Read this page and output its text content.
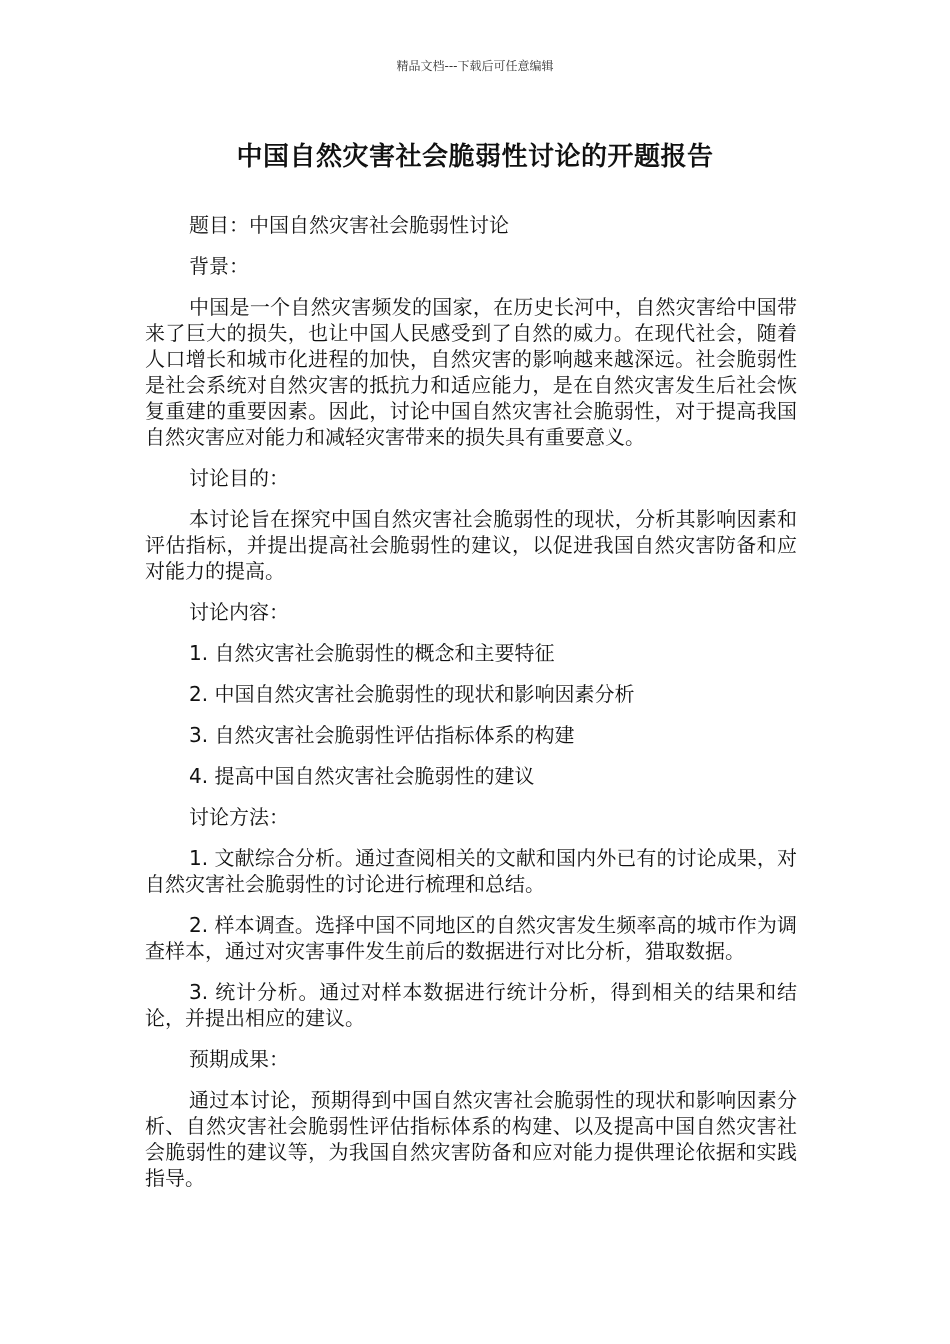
精品文档---下载后可任意编辑
中国自然灾害社会脆弱性讨论的开题报告

题目：中国自然灾害社会脆弱性讨论

背景：

中国是一个自然灾害频发的国家，在历史长河中，自然灾害给中国带来了巨大的损失，也让中国人民感受到了自然的威力。在现代社会，随着人口增长和城市化进程的加快，自然灾害的影响越来越深远。社会脆弱性是社会系统对自然灾害的抵抗力和适应能力，是在自然灾害发生后社会恢复重建的重要因素。因此，讨论中国自然灾害社会脆弱性，对于提高我国自然灾害应对能力和减轻灾害带来的损失具有重要意义。

讨论目的：

本讨论旨在探究中国自然灾害社会脆弱性的现状，分析其影响因素和评估指标，并提出提高社会脆弱性的建议，以促进我国自然灾害防备和应对能力的提高。

讨论内容：

1. 自然灾害社会脆弱性的概念和主要特征

2. 中国自然灾害社会脆弱性的现状和影响因素分析

3. 自然灾害社会脆弱性评估指标体系的构建

4. 提高中国自然灾害社会脆弱性的建议

讨论方法：

1. 文献综合分析。通过查阅相关的文献和国内外已有的讨论成果，对自然灾害社会脆弱性的讨论进行梳理和总结。

2. 样本调查。选择中国不同地区的自然灾害发生频率高的城市作为调查样本，通过对灾害事件发生前后的数据进行对比分析，猎取数据。

3. 统计分析。通过对样本数据进行统计分析，得到相关的结果和结论，并提出相应的建议。

预期成果：

通过本讨论，预期得到中国自然灾害社会脆弱性的现状和影响因素分析、自然灾害社会脆弱性评估指标体系的构建、以及提高中国自然灾害社会脆弱性的建议等，为我国自然灾害防备和应对能力提供理论依据和实践指导。
